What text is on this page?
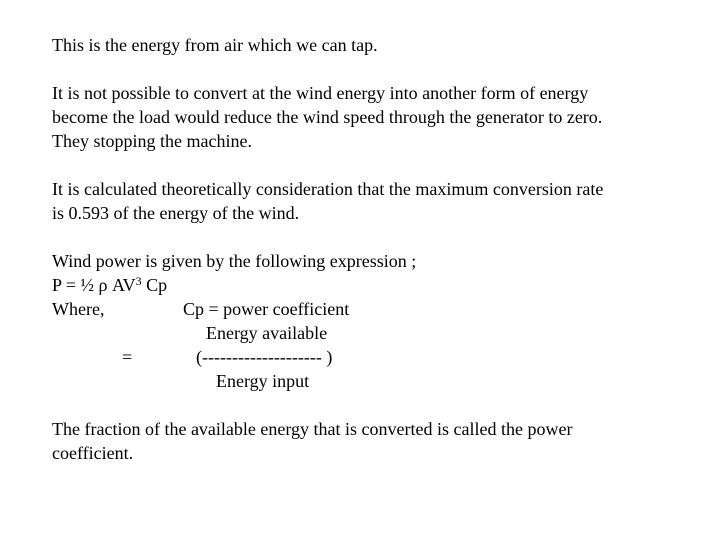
This is the energy from air which we can tap.
It is not possible to convert at the wind energy into another form of energy
become the load would reduce the wind speed through the generator to zero.
They stopping the machine.
It is calculated theoretically consideration that the maximum conversion rate
is 0.593 of the energy of the wind.
Wind power is given by the following expression ;
P = ½ ρ $AV^3$ Cp
Where,	Cp = power coefficient
Energy available
=	(-------------------- )
Energy input
The fraction of the available energy that is converted is called the power
coefficient.
